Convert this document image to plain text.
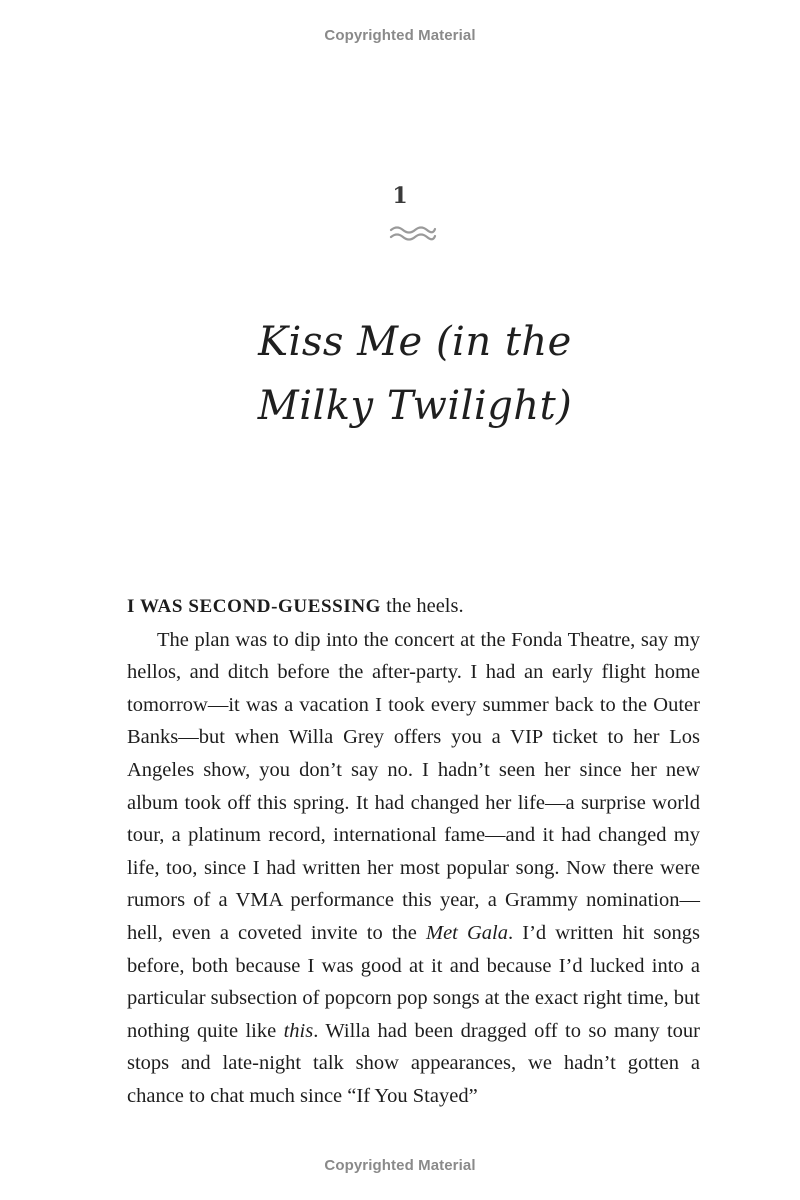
Copyrighted Material
1
Kiss Me (in the
Milky Twilight)

I WAS SECOND-GUESSING the heels.

The plan was to dip into the concert at the Fonda Theatre, say my hellos, and ditch before the after-party. I had an early flight home tomorrow—it was a vacation I took every summer back to the Outer Banks—but when Willa Grey offers you a VIP ticket to her Los Angeles show, you don’t say no. I hadn’t seen her since her new album took off this spring. It had changed her life—a surprise world tour, a platinum record, international fame—and it had changed my life, too, since I had written her most popular song. Now there were rumors of a VMA performance this year, a Grammy nomination—hell, even a coveted invite to the Met Gala. I’d written hit songs before, both because I was good at it and because I’d lucked into a particular subsection of popcorn pop songs at the exact right time, but nothing quite like this. Willa had been dragged off to so many tour stops and late-night talk show appearances, we hadn’t gotten a chance to chat much since “If You Stayed”

Copyrighted Material
